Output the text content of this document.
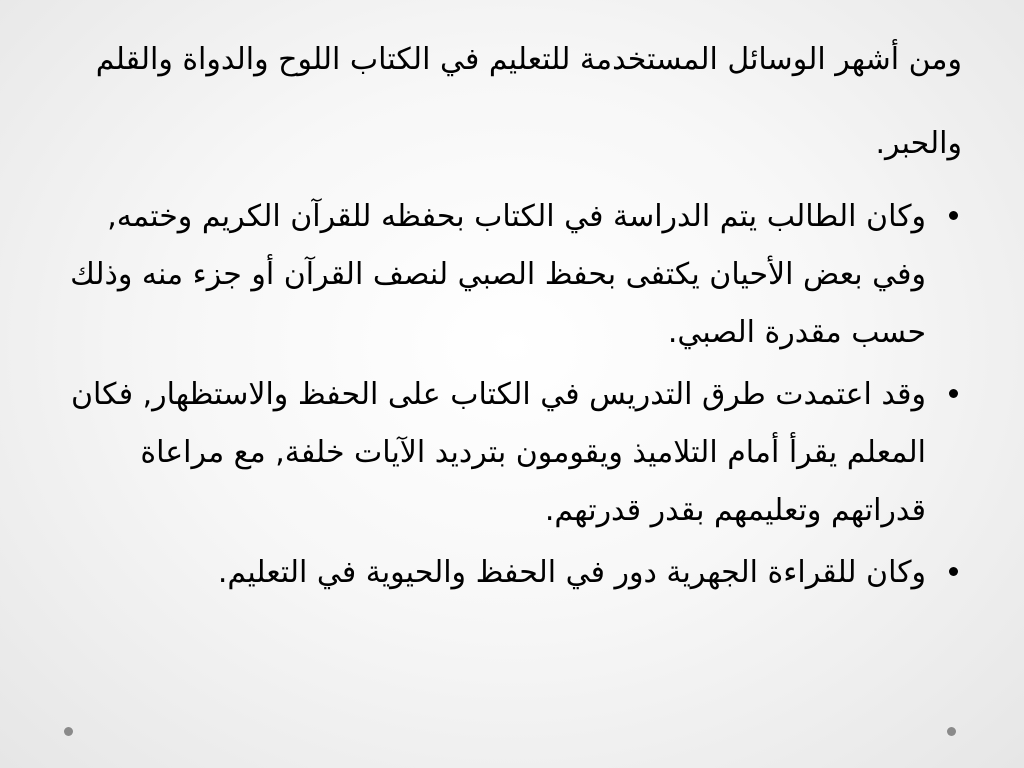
ومن أشهر الوسائل المستخدمة للتعليم في الكتاب اللوح والدواة والقلم والحبر.

وكان الطالب يتم الدراسة في الكتاب بحفظه للقرآن الكريم وختمه, وفي بعض الأحيان يكتفى بحفظ الصبي لنصف القرآن أو جزء منه وذلك حسب مقدرة الصبي.
وقد اعتمدت طرق التدريس في الكتاب على الحفظ والاستظهار, فكان المعلم يقرأ أمام التلاميذ ويقومون بترديد الآيات خلفة, مع مراعاة قدراتهم وتعليمهم بقدر قدرتهم.
وكان للقراءة الجهرية دور في الحفظ والحيوية في التعليم.
